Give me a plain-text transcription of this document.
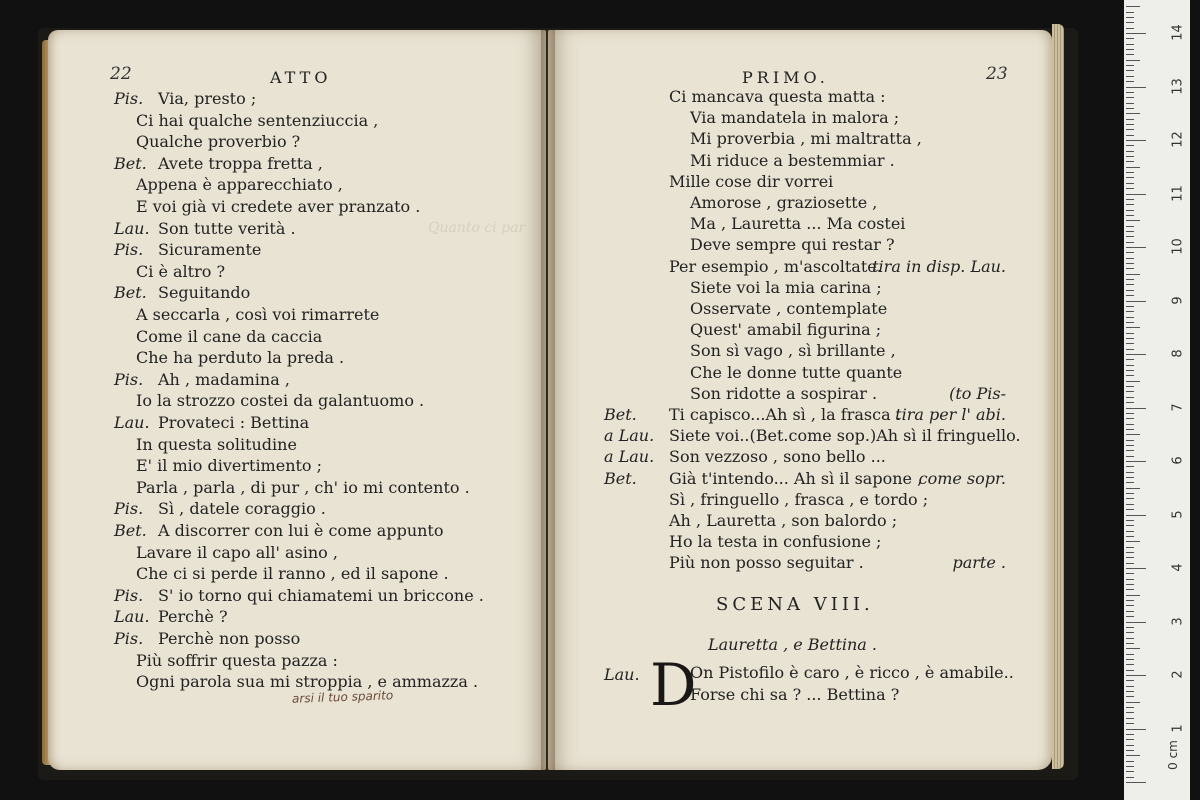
Quanto ci par
22	ATTO	PRIMO.	23
Pis. Via, presto ;
Ci hai qualche sentenziuccia ,
Qualche proverbio ?
Bet. Avete troppa fretta ,
Appena è apparecchiato ,
E voi già vi credete aver pranzato .
Lau. Son tutte verità .
Pis. Sicuramente
Ci è altro ?
Bet. Seguitando
A seccarla , così voi rimarrete
Come il cane da caccia
Che ha perduto la preda .
Pis. Ah , madamina ,
Io la strozzo costei da galantuomo .
Lau. Provateci : Bettina
In questa solitudine
E' il mio divertimento ;
Parla , parla , di pur , ch' io mi contento .
Pis. Sì , datele coraggio .
Bet. A discorrer con lui è come appunto
Lavare il capo all' asino ,
Che ci si perde il ranno , ed il sapone .
Pis. S' io torno qui chiamatemi un briccone .
Lau. Perchè ?
Pis. Perchè non posso
Più soffrir questa pazza :
Ogni parola sua mi stroppia , e ammazza .
Ci mancava questa matta :
Via mandatela in malora ;
Mi proverbia , mi maltratta ,
Mi riduce a bestemmiar .
Mille cose dir vorrei
Amorose , graziosette ,
Ma , Lauretta ... Ma costei
Deve sempre qui restar ?
Per esempio , m'ascoltate.
tira in disp. Lau.
Siete voi la mia carina ;
Osservate , contemplate
Quest' amabil figurina ;
Son sì vago , sì brillante ,
Che le donne tutte quante
Son ridotte a sospirar .	(to Pis-
Bet. Ti capisco...Ah sì , la frasca .
tira per l' abi.
a Lau. Siete voi..(Bet.come sop.)Ah sì il fringuello.
a Lau. Son vezzoso , sono bello ...
Bet. Già t'intendo... Ah sì il sapone ,
come sopr.
Sì , fringuello , frasca , e tordo ;
Ah , Lauretta , son balordo ;
Ho la testa in confusione ;
Più non posso seguitar .	parte .
arsi il tuo sparito
SCENA VIII.
Lauretta , e Bettina .
Lau. D
On Pistofilo è caro , è ricco , è amabile..
Forse chi sa ? ... Bettina ?
1
2
3
4
5
6
7
8
9
10
11
12
13
14
0 cm
